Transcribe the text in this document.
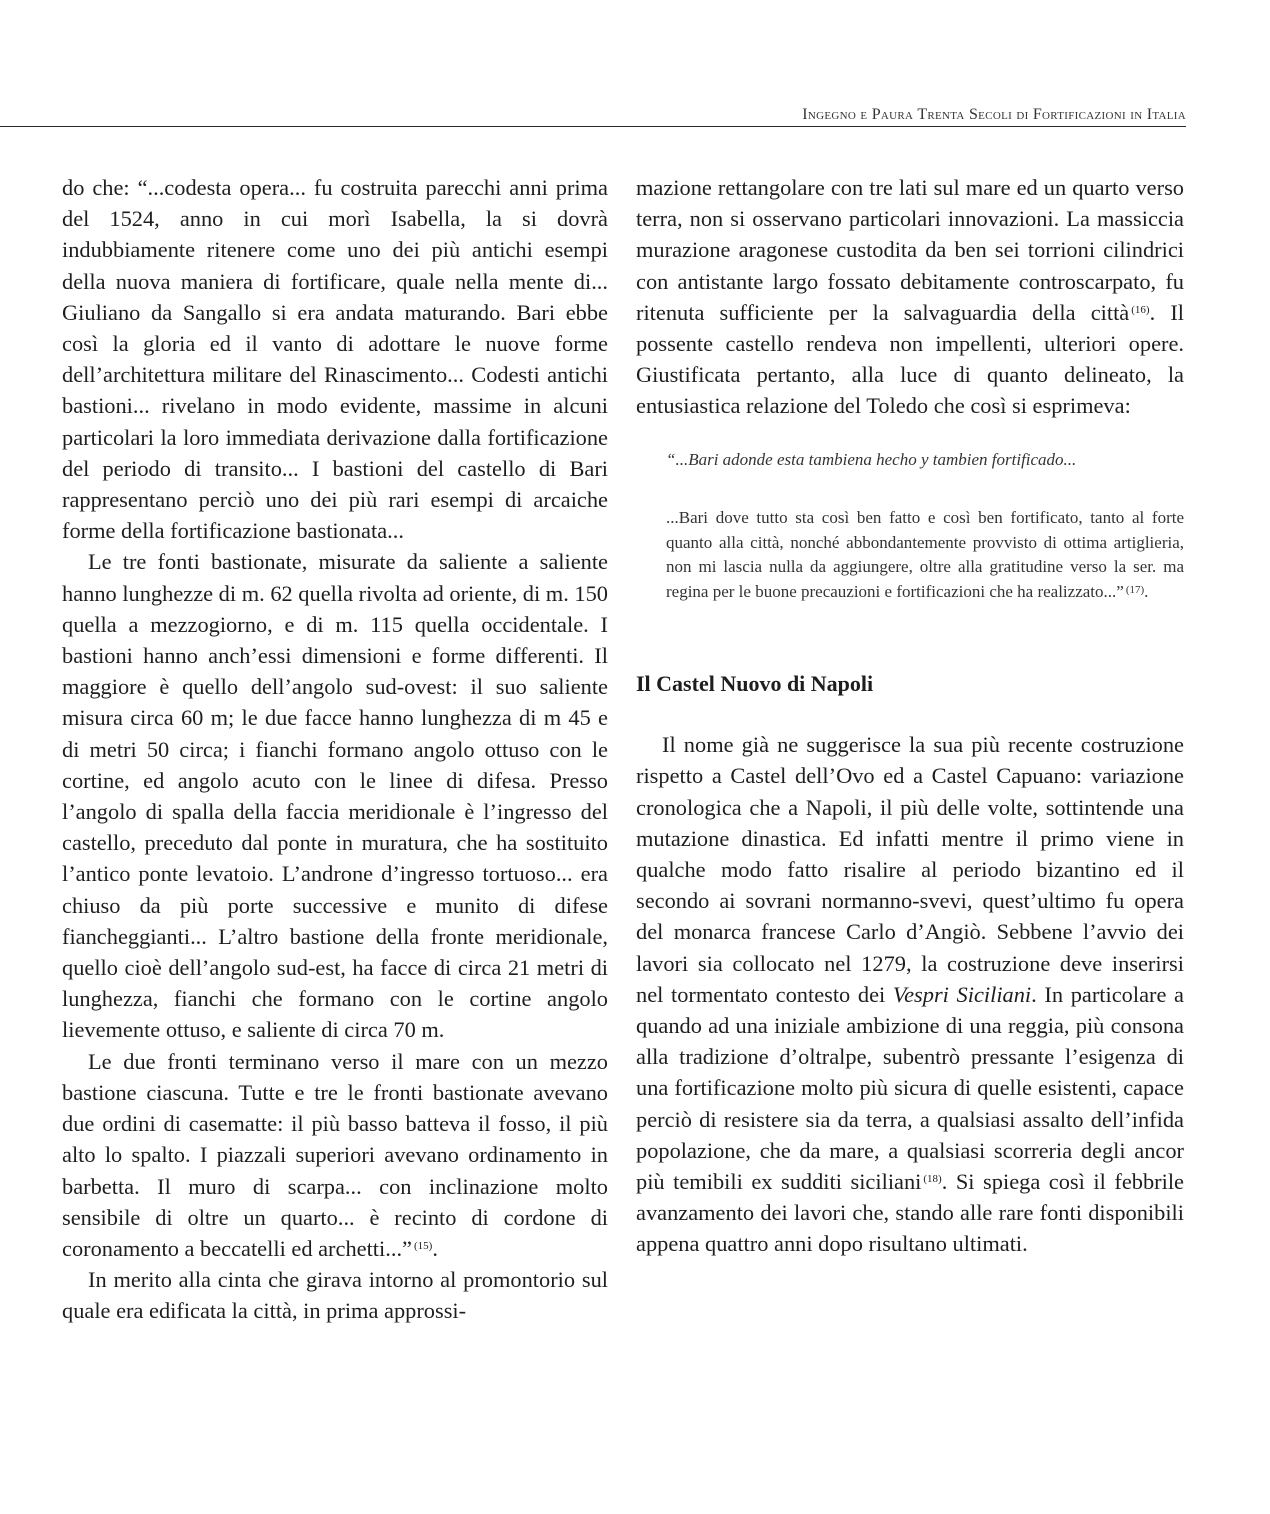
Ingegno e Paura Trenta Secoli di Fortificazioni in Italia

do che: “...codesta opera... fu costruita parecchi anni prima del 1524, anno in cui morì Isabella, la si dovrà indubbiamente ritenere come uno dei più antichi esempi della nuova maniera di fortificare, quale nella mente di... Giuliano da Sangallo si era andata maturando. Bari ebbe così la gloria ed il vanto di adottare le nuove forme dell’architettura militare del Rinascimento... Codesti antichi bastioni... rivelano in modo evidente, massime in alcuni particolari la loro immediata derivazione dalla fortificazione del periodo di transito... I bastioni del castello di Bari rappresentano perciò uno dei più rari esempi di arcaiche forme della fortificazione bastionata...

Le tre fonti bastionate, misurate da saliente a saliente hanno lunghezze di m. 62 quella rivolta ad oriente, di m. 150 quella a mezzogiorno, e di m. 115 quella occidentale. I bastioni hanno anch’essi dimensioni e forme differenti. Il maggiore è quello dell’angolo sud-ovest: il suo saliente misura circa 60 m; le due facce hanno lunghezza di m 45 e di metri 50 circa; i fianchi formano angolo ottuso con le cortine, ed angolo acuto con le linee di difesa. Presso l’angolo di spalla della faccia meridionale è l’ingresso del castello, preceduto dal ponte in muratura, che ha sostituito l’antico ponte levatoio. L’androne d’ingresso tortuoso... era chiuso da più porte successive e munito di difese fiancheggianti... L’altro bastione della fronte meridionale, quello cioè dell’angolo sud-est, ha facce di circa 21 metri di lunghezza, fianchi che formano con le cortine angolo lievemente ottuso, e saliente di circa 70 m.

Le due fronti terminano verso il mare con un mezzo bastione ciascuna. Tutte e tre le fronti bastionate avevano due ordini di casematte: il più basso batteva il fosso, il più alto lo spalto. I piazzali superiori avevano ordinamento in barbetta. Il muro di scarpa... con inclinazione molto sensibile di oltre un quarto... è recinto di cordone di coronamento a beccatelli ed archetti...” $^{(15)}$.

In merito alla cinta che girava intorno al promontorio sul quale era edificata la città, in prima approssi-

mazione rettangolare con tre lati sul mare ed un quarto verso terra, non si osservano particolari innovazioni. La massiccia murazione aragonese custodita da ben sei torrioni cilindrici con antistante largo fossato debitamente controscarpato, fu ritenuta sufficiente per la salvaguardia della città $^{(16)}$. Il possente castello rendeva non impellenti, ulteriori opere. Giustificata pertanto, alla luce di quanto delineato, la entusiastica relazione del Toledo che così si esprimeva:

“...Bari adonde esta tambiena hecho y tambien fortificado...
...Bari dove tutto sta così ben fatto e così ben fortificato, tanto al forte quanto alla città, nonché abbondantemente provvisto di ottima artiglieria, non mi lascia nulla da aggiungere, oltre alla gratitudine verso la ser. ma regina per le buone precauzioni e fortificazioni che ha realizzato...” $^{(17)}$.
Il Castel Nuovo di Napoli

Il nome già ne suggerisce la sua più recente costruzione rispetto a Castel dell’Ovo ed a Castel Capuano: variazione cronologica che a Napoli, il più delle volte, sottintende una mutazione dinastica. Ed infatti mentre il primo viene in qualche modo fatto risalire al periodo bizantino ed il secondo ai sovrani normanno-svevi, quest’ultimo fu opera del monarca francese Carlo d’Angiò. Sebbene l’avvio dei lavori sia collocato nel 1279, la costruzione deve inserirsi nel tormentato contesto dei Vespri Siciliani. In particolare a quando ad una iniziale ambizione di una reggia, più consona alla tradizione d’oltralpe, subentrò pressante l’esigenza di una fortificazione molto più sicura di quelle esistenti, capace perciò di resistere sia da terra, a qualsiasi assalto dell’infida popolazione, che da mare, a qualsiasi scorreria degli ancor più temibili ex sudditi siciliani $^{(18)}$. Si spiega così il febbrile avanzamento dei lavori che, stando alle rare fonti disponibili appena quattro anni dopo risultano ultimati.
